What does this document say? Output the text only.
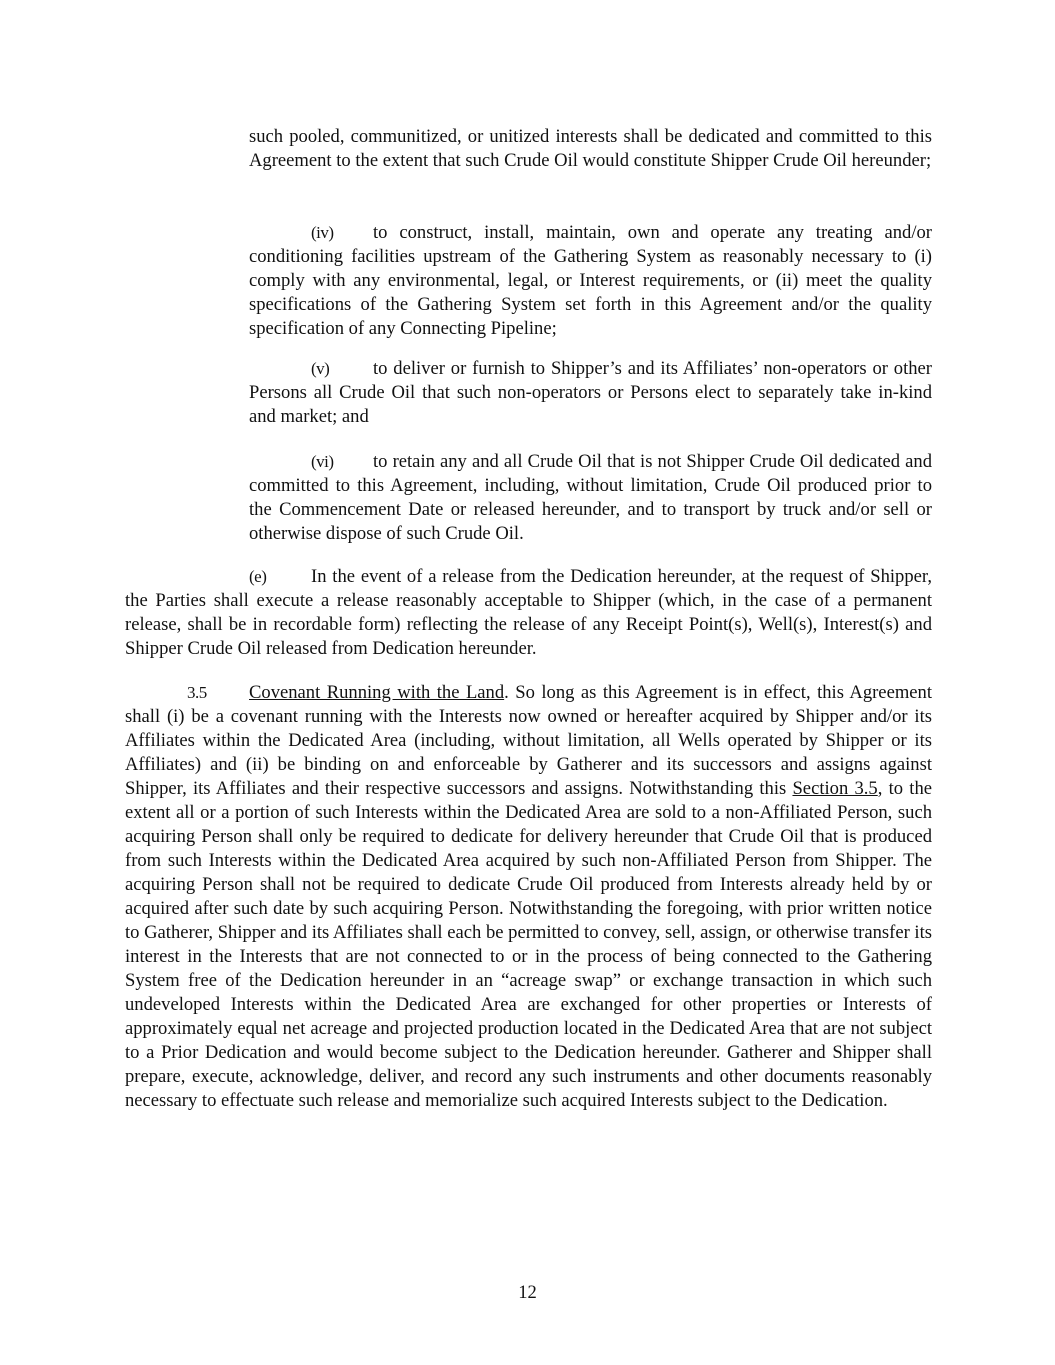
such pooled, communitized, or unitized interests shall be dedicated and committed to this Agreement to the extent that such Crude Oil would constitute Shipper Crude Oil hereunder;

(iv) to construct, install, maintain, own and operate any treating and/or conditioning facilities upstream of the Gathering System as reasonably necessary to (i) comply with any environmental, legal, or Interest requirements, or (ii) meet the quality specifications of the Gathering System set forth in this Agreement and/or the quality specification of any Connecting Pipeline;

(v) to deliver or furnish to Shipper’s and its Affiliates’ non-operators or other Persons all Crude Oil that such non-operators or Persons elect to separately take in-kind and market; and

(vi) to retain any and all Crude Oil that is not Shipper Crude Oil dedicated and committed to this Agreement, including, without limitation, Crude Oil produced prior to the Commencement Date or released hereunder, and to transport by truck and/or sell or otherwise dispose of such Crude Oil.

(e) In the event of a release from the Dedication hereunder, at the request of Shipper, the Parties shall execute a release reasonably acceptable to Shipper (which, in the case of a permanent release, shall be in recordable form) reflecting the release of any Receipt Point(s), Well(s), Interest(s) and Shipper Crude Oil released from Dedication hereunder.

3.5 Covenant Running with the Land. So long as this Agreement is in effect, this Agreement shall (i) be a covenant running with the Interests now owned or hereafter acquired by Shipper and/or its Affiliates within the Dedicated Area (including, without limitation, all Wells operated by Shipper or its Affiliates) and (ii) be binding on and enforceable by Gatherer and its successors and assigns against Shipper, its Affiliates and their respective successors and assigns. Notwithstanding this Section 3.5, to the extent all or a portion of such Interests within the Dedicated Area are sold to a non-Affiliated Person, such acquiring Person shall only be required to dedicate for delivery hereunder that Crude Oil that is produced from such Interests within the Dedicated Area acquired by such non-Affiliated Person from Shipper. The acquiring Person shall not be required to dedicate Crude Oil produced from Interests already held by or acquired after such date by such acquiring Person. Notwithstanding the foregoing, with prior written notice to Gatherer, Shipper and its Affiliates shall each be permitted to convey, sell, assign, or otherwise transfer its interest in the Interests that are not connected to or in the process of being connected to the Gathering System free of the Dedication hereunder in an “acreage swap” or exchange transaction in which such undeveloped Interests within the Dedicated Area are exchanged for other properties or Interests of approximately equal net acreage and projected production located in the Dedicated Area that are not subject to a Prior Dedication and would become subject to the Dedication hereunder. Gatherer and Shipper shall prepare, execute, acknowledge, deliver, and record any such instruments and other documents reasonably necessary to effectuate such release and memorialize such acquired Interests subject to the Dedication.

12
